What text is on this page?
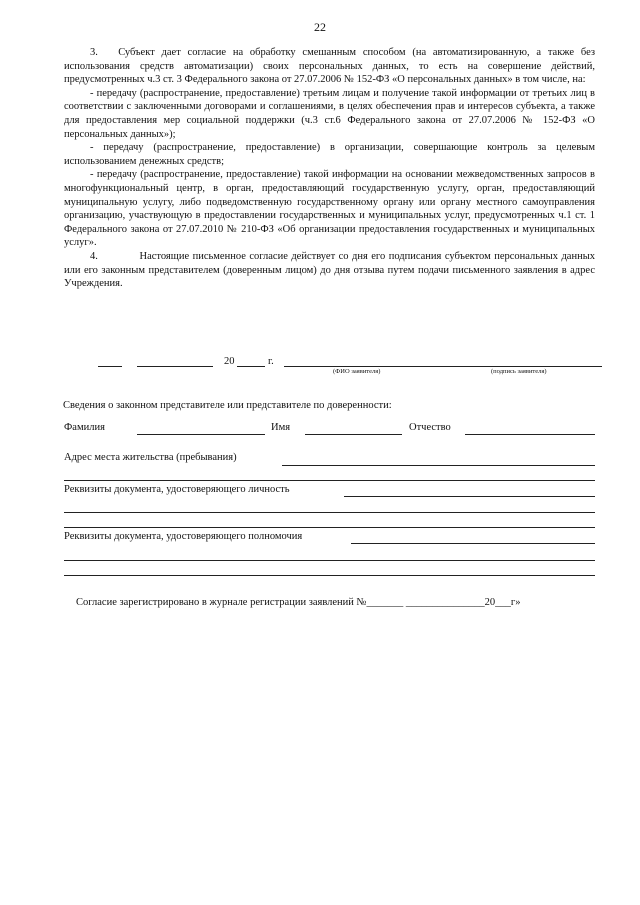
22

3.   Субъект дает согласие на обработку смешанным способом (на автоматизированную, а также без использования средств автоматизации) своих персональных данных, то есть на совершение действий, предусмотренных ч.3 ст. 3 Федерального закона от 27.07.2006 № 152-ФЗ «О персональных данных» в том числе, на:

- передачу (распространение, предоставление) третьим лицам и получение такой информации от третьих лиц в соответствии с заключенными договорами и соглашениями, в целях обеспечения прав и интересов субъекта, а также для предоставления мер социальной поддержки (ч.3 ст.6 Федерального закона от 27.07.2006 № 152-ФЗ «О персональных данных»);

- передачу (распространение, предоставление) в организации, совершающие контроль за целевым использованием денежных средств;

- передачу (распространение, предоставление) такой информации на основании межведомственных запросов в многофункциональный центр, в орган, предоставляющий государственную услугу, орган, предоставляющий муниципальную услугу, либо подведомственную государственному органу или органу местного самоуправления организацию, участвующую в предоставлении государственных и муниципальных услуг, предусмотренных ч.1 ст. 1 Федерального закона от 27.07.2010 № 210-ФЗ «Об организации предоставления государственных и муниципальных услуг».

4.            Настоящие письменное согласие действует со дня его подписания субъектом персональных данных или его законным представителем (доверенным лицом) до дня отзыва путем подачи письменного заявления в адрес Учреждения.

20	г.
(ФИО заявителя)	(подпись заявителя)
Сведения о законном представителе или представителе по доверенности:
Фамилия	Имя	Отчество
Адрес места жительства (пребывания)
Реквизиты документа, удостоверяющего личность
Реквизиты документа, удостоверяющего полномочия
Согласие зарегистрировано в журнале регистрации заявлений №_______ _______________20___г»
